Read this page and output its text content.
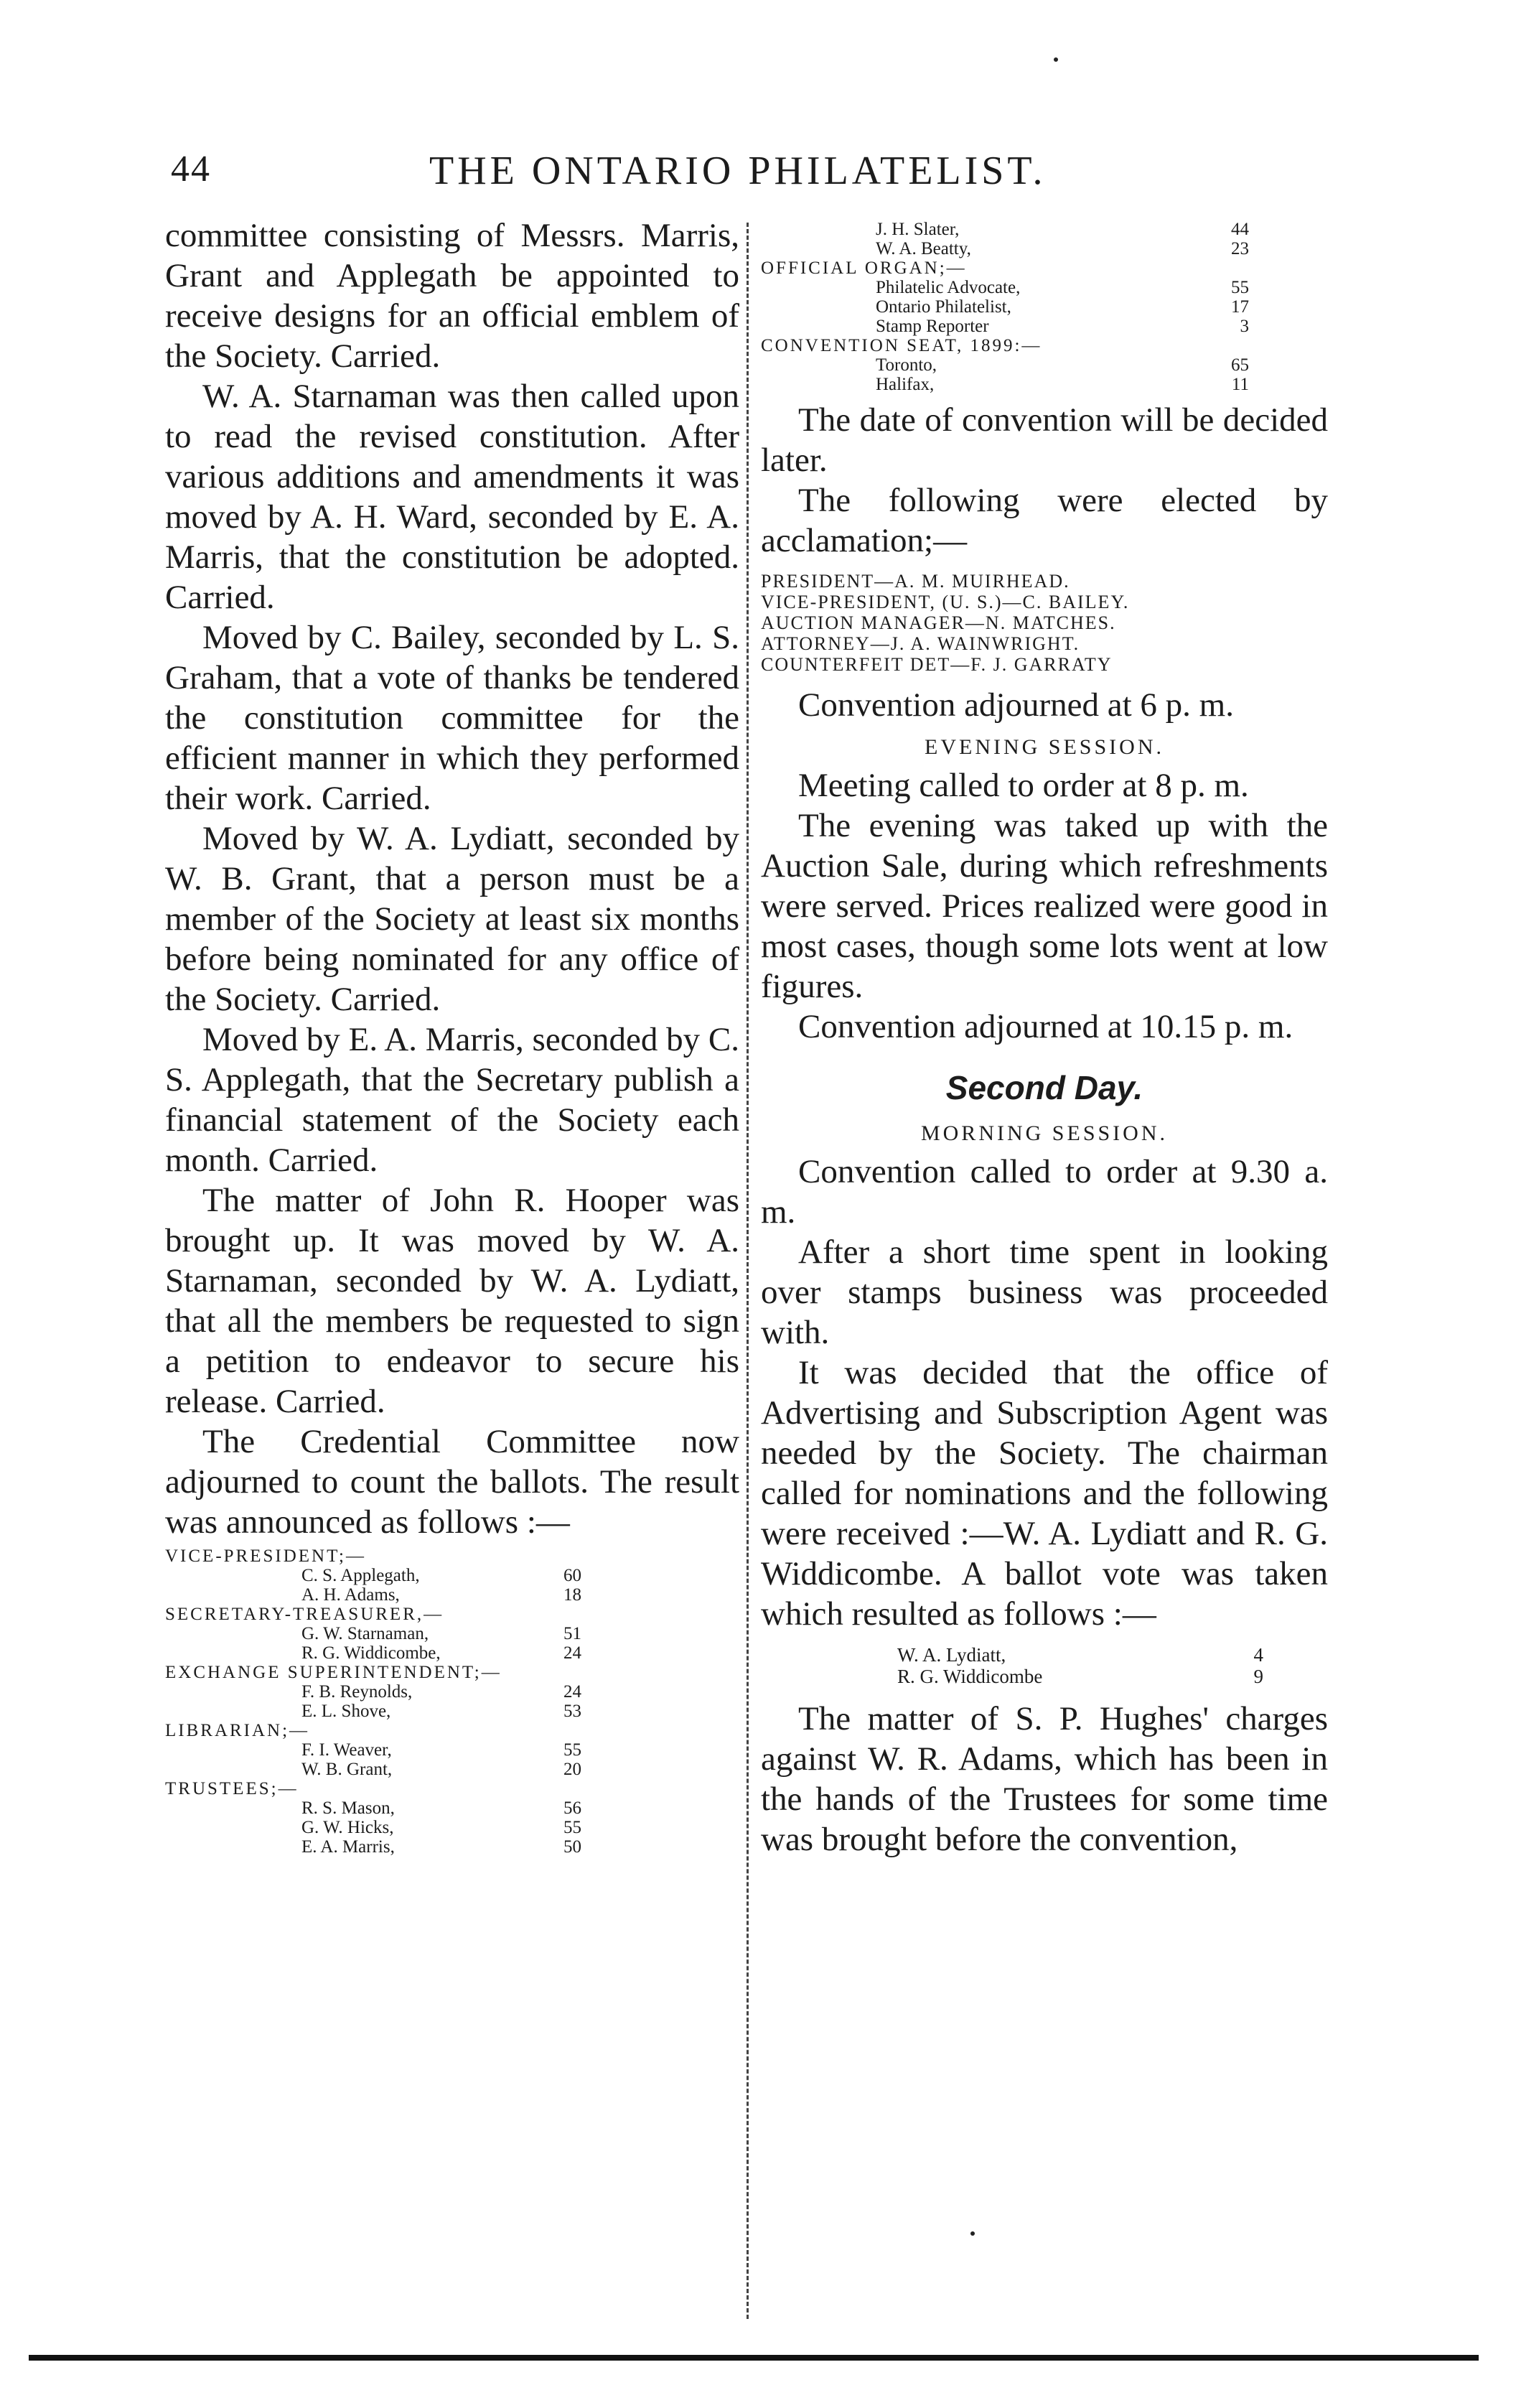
44	THE ONTARIO PHILATELIST.

committee consisting of Messrs. Marris, Grant and Applegath be appointed to receive designs for an official emblem of the Society. Carried.

W. A. Starnaman was then called upon to read the revised constitution. After various additions and amendments it was moved by A. H. Ward, seconded by E. A. Marris, that the constitution be adopted. Carried.

Moved by C. Bailey, seconded by L. S. Graham, that a vote of thanks be tendered the constitution committee for the efficient manner in which they performed their work. Carried.

Moved by W. A. Lydiatt, seconded by W. B. Grant, that a person must be a member of the Society at least six months before being nominated for any office of the Society. Carried.

Moved by E. A. Marris, seconded by C. S. Applegath, that the Secretary publish a financial statement of the Society each month. Carried.

The matter of John R. Hooper was brought up. It was moved by W. A. Starnaman, seconded by W. A. Lydiatt, that all the members be requested to sign a petition to endeavor to secure his release. Carried.

The Credential Committee now adjourned to count the ballots. The result was announced as follows :—

VICE-PRESIDENT;—
C. S. Applegath,	60
A. H. Adams,	18
SECRETARY-TREASURER,—
G. W. Starnaman,	51
R. G. Widdicombe,	24
EXCHANGE SUPERINTENDENT;—
F. B. Reynolds,	24
E. L. Shove,	53
LIBRARIAN;—
F. I. Weaver,	55
W. B. Grant,	20
TRUSTEES;—
R. S. Mason,	56
G. W. Hicks,	55
E. A. Marris,	50
J. H. Slater,	44
W. A. Beatty,	23
OFFICIAL ORGAN;—
Philatelic Advocate,	55
Ontario Philatelist,	17
Stamp Reporter	3
CONVENTION SEAT, 1899:—
Toronto,	65
Halifax,	11

The date of convention will be decided later.

The following were elected by acclamation;—

PRESIDENT—A. M. MUIRHEAD.
VICE-PRESIDENT, (U. S.)—C. BAILEY.
AUCTION MANAGER—N. MATCHES.
ATTORNEY—J. A. WAINWRIGHT.
COUNTERFEIT DET—F. J. GARRATY

Convention adjourned at 6 p. m.

EVENING SESSION.

Meeting called to order at 8 p. m.

The evening was taked up with the Auction Sale, during which refreshments were served. Prices realized were good in most cases, though some lots went at low figures.

Convention adjourned at 10.15 p. m.

Second Day.
MORNING SESSION.

Convention called to order at 9.30 a. m.

After a short time spent in looking over stamps business was proceeded with.

It was decided that the office of Advertising and Subscription Agent was needed by the Society. The chairman called for nominations and the following were received :—W. A. Lydiatt and R. G. Widdicombe. A ballot vote was taken which resulted as follows :—

W. A. Lydiatt,	4
R. G. Widdicombe	9

The matter of S. P. Hughes' charges against W. R. Adams, which has been in the hands of the Trustees for some time was brought before the convention,
